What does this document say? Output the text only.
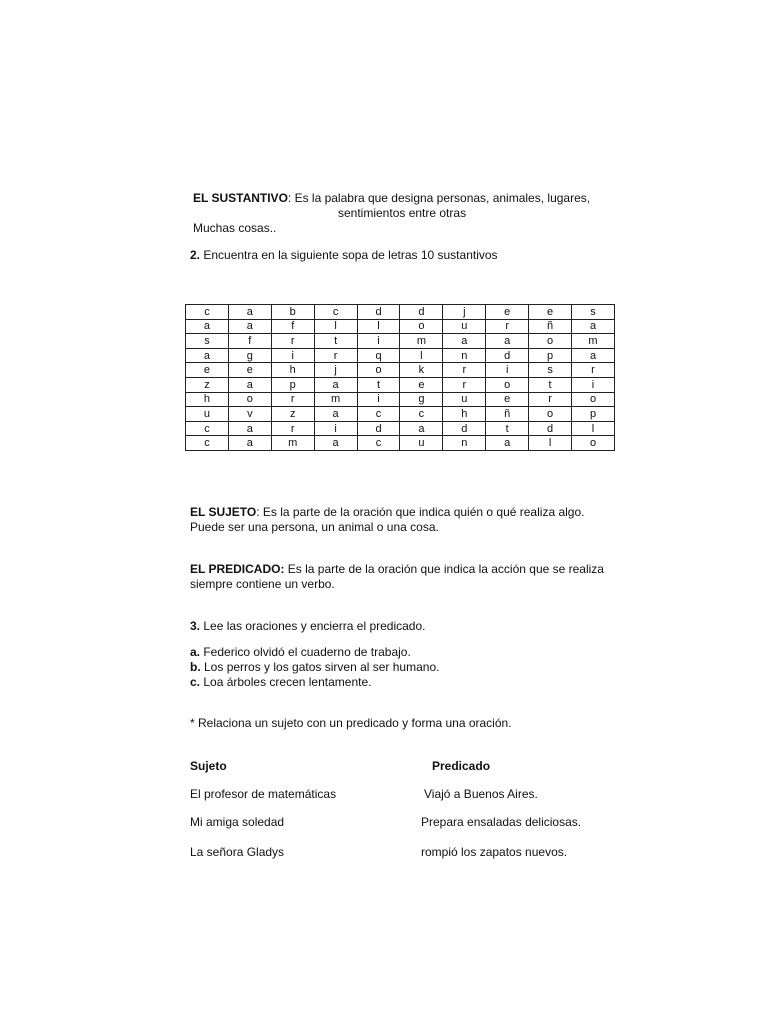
EL SUSTANTIVO: Es la palabra que designa personas, animales, lugares,
sentimientos entre otras
Muchas cosas..
2. Encuentra en la siguiente sopa de letras 10 sustantivos
c	a	b	c	d	d	j	e	e	s
a	a	f	l	l	o	u	r	ñ	a
s	f	r	t	i	m	a	a	o	m
a	g	i	r	q	l	n	d	p	a
e	e	h	j	o	k	r	i	s	r
z	a	p	a	t	e	r	o	t	i
h	o	r	m	i	g	u	e	r	o
u	v	z	a	c	c	h	ñ	o	p
c	a	r	i	d	a	d	t	d	l
c	a	m	a	c	u	n	a	l	o
EL SUJETO: Es la parte de la oración que indica quién o qué realiza algo.
Puede ser una persona, un animal o una cosa.
EL PREDICADO: Es la parte de la oración que indica la acción que se realiza
siempre contiene un verbo.
3. Lee las oraciones y encierra el predicado.
a. Federico olvidó el cuaderno de trabajo.
b. Los perros y los gatos sirven al ser humano.
c. Loa árboles crecen lentamente.
* Relaciona un sujeto con un predicado y forma una oración.
Sujeto	Predicado
El profesor de matemáticas	Viajó a Buenos Aires.
Mi amiga soledad	Prepara ensaladas deliciosas.
La señora Gladys	rompió los zapatos nuevos.
